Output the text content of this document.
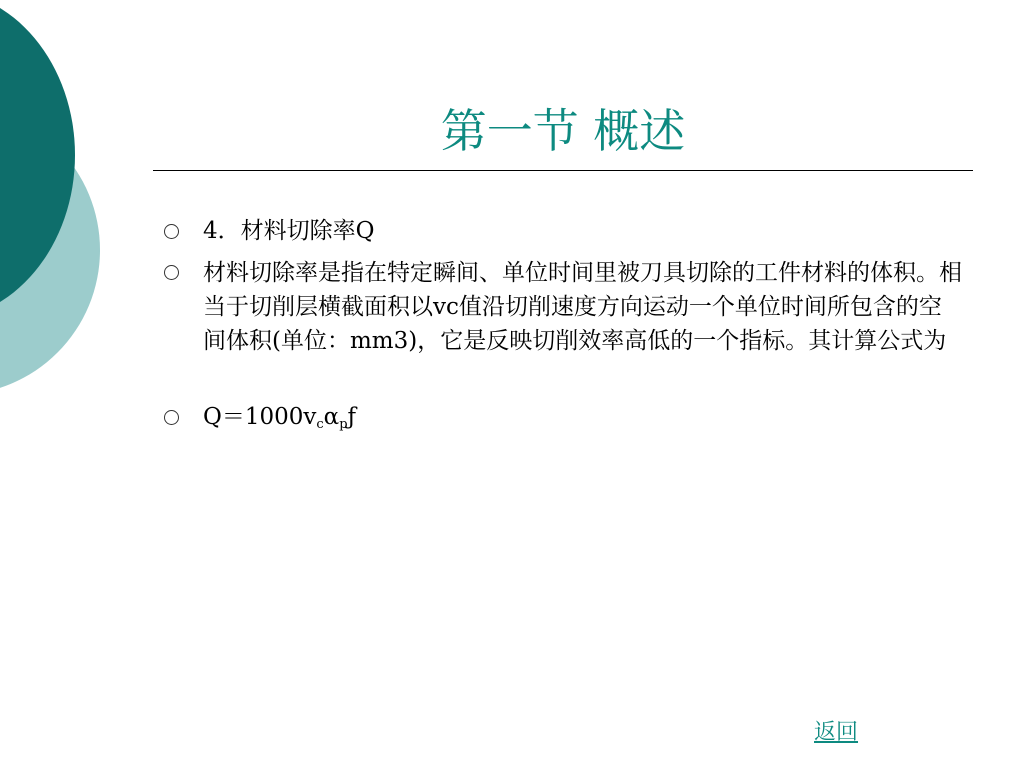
第一节 概述
4．材料切除率Q
材料切除率是指在特定瞬间、单位时间里被刀具切除的工件材料的体积。相当于切削层横截面积以vc值沿切削速度方向运动一个单位时间所包含的空间体积(单位：mm3)，它是反映切削效率高低的一个指标。其计算公式为
$Q=1000v_c\alpha_pƒ$
返回
